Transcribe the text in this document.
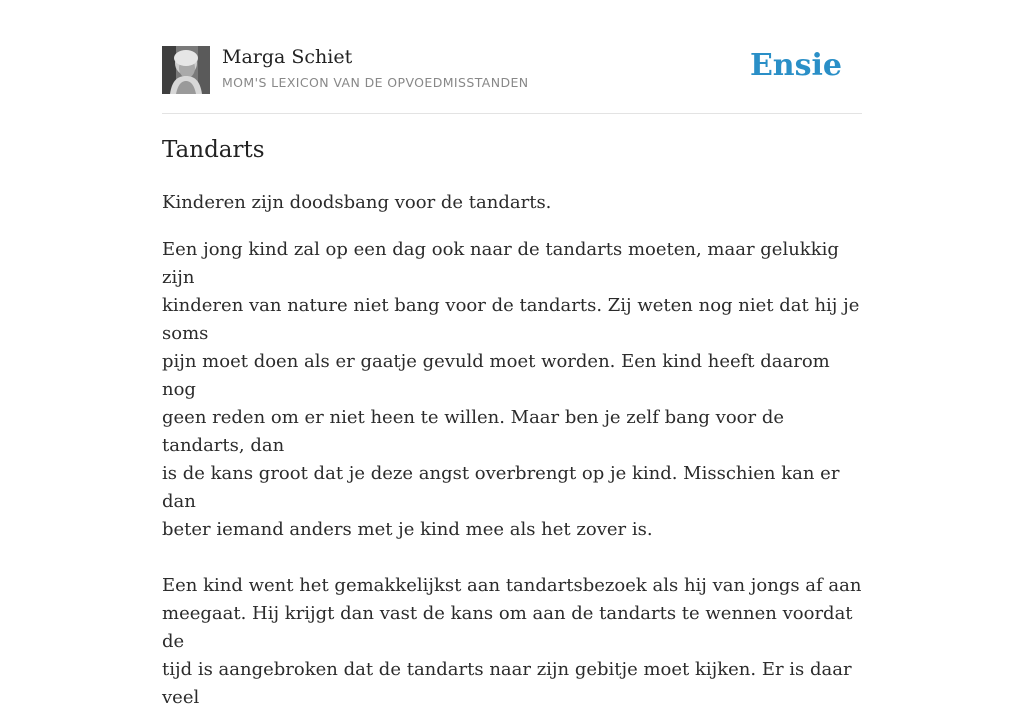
Marga Schiet
MOM'S LEXICON VAN DE OPVOEDMISSTANDEN	Ensie
Tandarts

Kinderen zijn doodsbang voor de tandarts.

Een jong kind zal op een dag ook naar de tandarts moeten, maar gelukkig zijn
kinderen van nature niet bang voor de tandarts. Zij weten nog niet dat hij je soms
pijn moet doen als er gaatje gevuld moet worden. Een kind heeft daarom nog
geen reden om er niet heen te willen. Maar ben je zelf bang voor de tandarts, dan
is de kans groot dat je deze angst overbrengt op je kind. Misschien kan er dan
beter iemand anders met je kind mee als het zover is.

Een kind went het gemakkelijkst aan tandartsbezoek als hij van jongs af aan
meegaat. Hij krijgt dan vast de kans om aan de tandarts te wennen voordat de
tijd is aangebroken dat de tandarts naar zijn gebitje moet kijken. Er is daar veel
